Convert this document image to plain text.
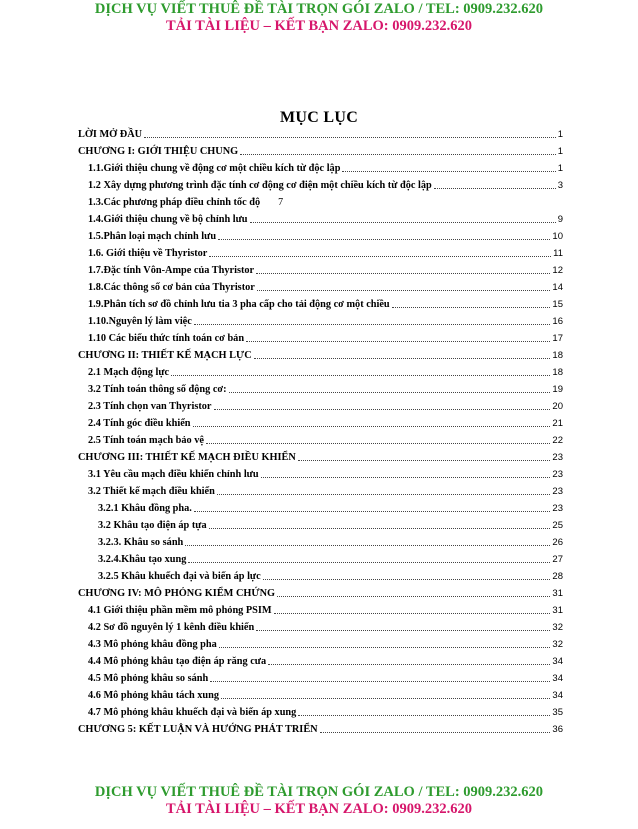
DỊCH VỤ VIẾT THUÊ ĐỀ TÀI TRỌN GÓI ZALO / TEL: 0909.232.620
TẢI TÀI LIỆU – KẾT BẠN ZALO: 0909.232.620
MỤC LỤC
LỜI MỞ ĐẦU	1
CHƯƠNG I: GIỚI THIỆU CHUNG	1
1.1.Giới thiệu chung về động cơ một chiều kích từ độc lập	1
1.2 Xây dựng phương trình đặc tính cơ động cơ điện một chiều kích từ độc lập	3
1.3.Các phương pháp điều chỉnh tốc độ 7
1.4.Giới thiệu chung về bộ chỉnh lưu	9
1.5.Phân loại mạch chỉnh lưu	10
1.6. Giới thiệu về Thyristor	11
1.7.Đặc tính Vôn-Ampe của Thyristor	12
1.8.Các thông số cơ bản của Thyristor	14
1.9.Phân tích sơ đồ chỉnh lưu tia 3 pha cấp cho tải động cơ một chiều	15
1.10.Nguyên lý làm việc	16
1.10 Các biểu thức tính toán cơ bản	17
CHƯƠNG II: THIẾT KẾ MẠCH LỰC	18
2.1 Mạch động lực	18
3.2 Tính toán thông số động cơ:	19
2.3 Tính chọn van Thyristor	20
2.4 Tính góc điều khiển	21
2.5 Tính toán mạch bảo vệ	22
CHƯƠNG III: THIẾT KẾ MẠCH ĐIỀU KHIỂN	23
3.1 Yêu cầu mạch điều khiển chỉnh lưu	23
3.2 Thiết kế mạch điều khiển	23
3.2.1 Khâu đồng pha.	23
3.2 Khâu tạo điện áp tựa	25
3.2.3. Khâu so sánh	26
3.2.4.Khâu tạo xung	27
3.2.5 Khâu khuếch đại và biến áp lực	28
CHƯƠNG IV: MÔ PHỎNG KIỂM CHỨNG	31
4.1 Giới thiệu phần mềm mô phỏng PSIM	31
4.2 Sơ đồ nguyên lý 1 kênh điều khiển	32
4.3 Mô phỏng khâu đồng pha	32
4.4 Mô phỏng khâu tạo điện áp răng cưa	34
4.5 Mô phỏng khâu so sánh	34
4.6 Mô phỏng khâu tách xung	34
4.7 Mô phỏng khâu khuếch đại và biến áp xung	35
CHƯƠNG 5: KẾT LUẬN VÀ HƯỚNG PHÁT TRIỂN	36
DỊCH VỤ VIẾT THUÊ ĐỀ TÀI TRỌN GÓI ZALO / TEL: 0909.232.620
TẢI TÀI LIỆU – KẾT BẠN ZALO: 0909.232.620
